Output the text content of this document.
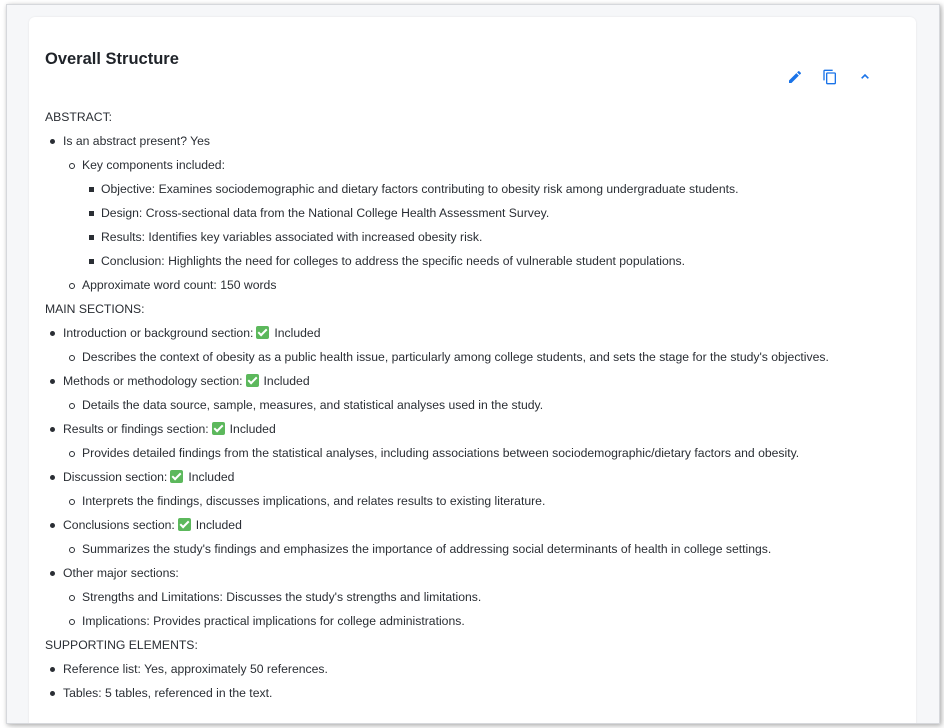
Overall Structure
ABSTRACT:
Is an abstract present? Yes
Key components included:
Objective: Examines sociodemographic and dietary factors contributing to obesity risk among undergraduate students.
Design: Cross-sectional data from the National College Health Assessment Survey.
Results: Identifies key variables associated with increased obesity risk.
Conclusion: Highlights the need for colleges to address the specific needs of vulnerable student populations.
Approximate word count: 150 words
MAIN SECTIONS:
Introduction or background section: Included
Describes the context of obesity as a public health issue, particularly among college students, and sets the stage for the study's objectives.
Methods or methodology section: Included
Details the data source, sample, measures, and statistical analyses used in the study.
Results or findings section: Included
Provides detailed findings from the statistical analyses, including associations between sociodemographic/dietary factors and obesity.
Discussion section: Included
Interprets the findings, discusses implications, and relates results to existing literature.
Conclusions section: Included
Summarizes the study's findings and emphasizes the importance of addressing social determinants of health in college settings.
Other major sections:
Strengths and Limitations: Discusses the study's strengths and limitations.
Implications: Provides practical implications for college administrations.
SUPPORTING ELEMENTS:
Reference list: Yes, approximately 50 references.
Tables: 5 tables, referenced in the text.
